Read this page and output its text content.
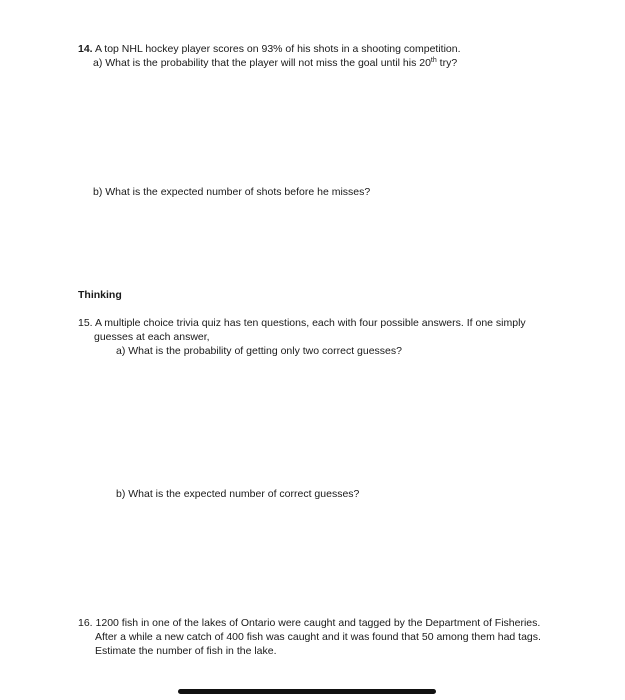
14. A top NHL hockey player scores on 93% of his shots in a shooting competition.
a) What is the probability that the player will not miss the goal until his 20th try?
b) What is the expected number of shots before he misses?
Thinking
15. A multiple choice trivia quiz has ten questions, each with four possible answers. If one simply
guesses at each answer,
a) What is the probability of getting only two correct guesses?
b) What is the expected number of correct guesses?
16. 1200 fish in one of the lakes of Ontario were caught and tagged by the Department of Fisheries.
After a while a new catch of 400 fish was caught and it was found that 50 among them had tags.
Estimate the number of fish in the lake.
